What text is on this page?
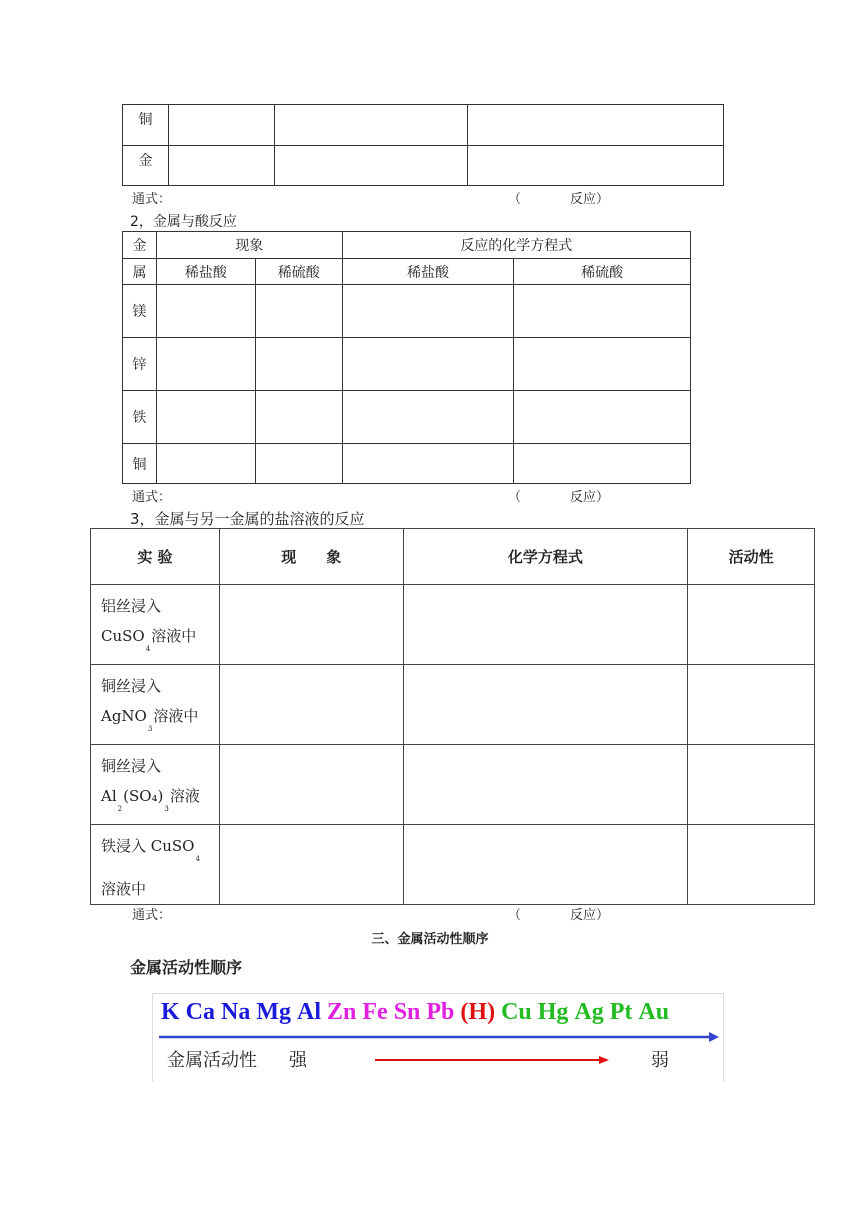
铜			
金			
通式：	（	反应）
2，金属与酸反应
金	现象		反应的化学方程式	
属	稀盐酸	稀硫酸	稀盐酸	稀硫酸
镁				
锌				
铁				
铜				
通式：	（	反应）
3，金属与另一金属的盐溶液的反应
实 验	现　　象	化学方程式	活动性

铝丝浸入
CuSO$_4$溶液中			

铜丝浸入
AgNO$_3$溶液中			

铜丝浸入
$Al_2(SO_4)_3$溶液			

铁浸入 CuSO$_4$
溶液中			

通式：	（	反应）
三、金属活动性顺序
金属活动性顺序
K Ca Na Mg Al Zn Fe Sn Pb (H) Cu Hg Ag Pt Au
金属活动性 强	弱
